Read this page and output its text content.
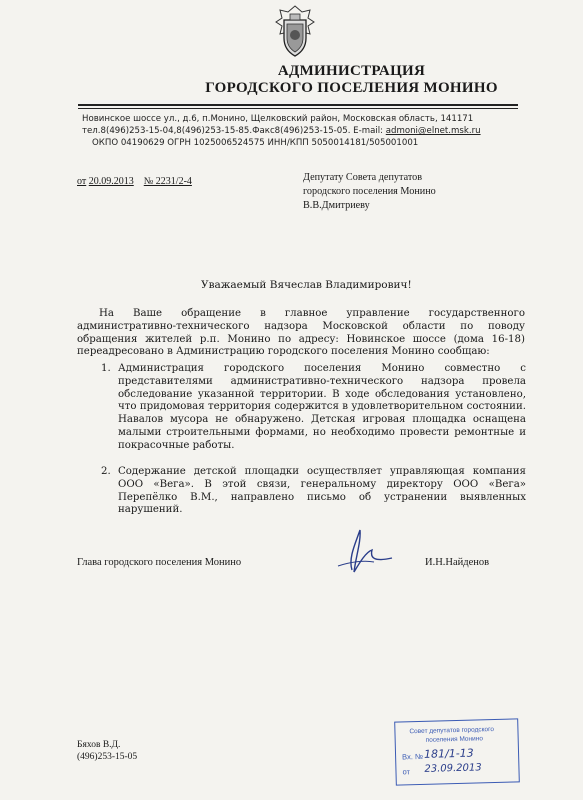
АДМИНИСТРАЦИЯ
ГОРОДСКОГО ПОСЕЛЕНИЯ МОНИНО
Новинское шоссе ул., д.6, п.Монино, Щелковский район, Московская область, 141171
тел.8(496)253-15-04,8(496)253-15-85.Факс8(496)253-15-05. E-mail: admoni@elnet.msk.ru
ОКПО 04190629 ОГРН 1025006524575 ИНН/КПП 5050014181/505001001
от 20.09.2013 № 2231/2-4	Депутату Совета депутатов
городского поселения Монино
В.В.Дмитриеву
Уважаемый Вячеслав Владимирович!
На Ваше обращение в главное управление государственного административно-технического надзора Московской области по поводу обращения жителей р.п. Монино по адресу: Новинское шоссе (дома 16-18) переадресовано в Администрацию городского поселения Монино сообщаю:
1. Администрация городского поселения Монино совместно с представителями административно-технического надзора провела обследование указанной территории. В ходе обследования установлено, что придомовая территория содержится в удовлетворительном состоянии. Навалов мусора не обнаружено. Детская игровая площадка оснащена малыми строительными формами, но необходимо провести ремонтные и покрасочные работы.
2. Содержание детской площадки осуществляет управляющая компания ООО «Вега». В этой связи, генеральному директору ООО «Вега» Перепёлко В.М., направлено письмо об устранении выявленных нарушений.
Глава городского поселения Монино	И.Н.Найденов
Бяхов В.Д.
(496)253-15-05
Совет депутатов городского
поселения Монино
Вх. № 181/1-13
от 23.09.2013
